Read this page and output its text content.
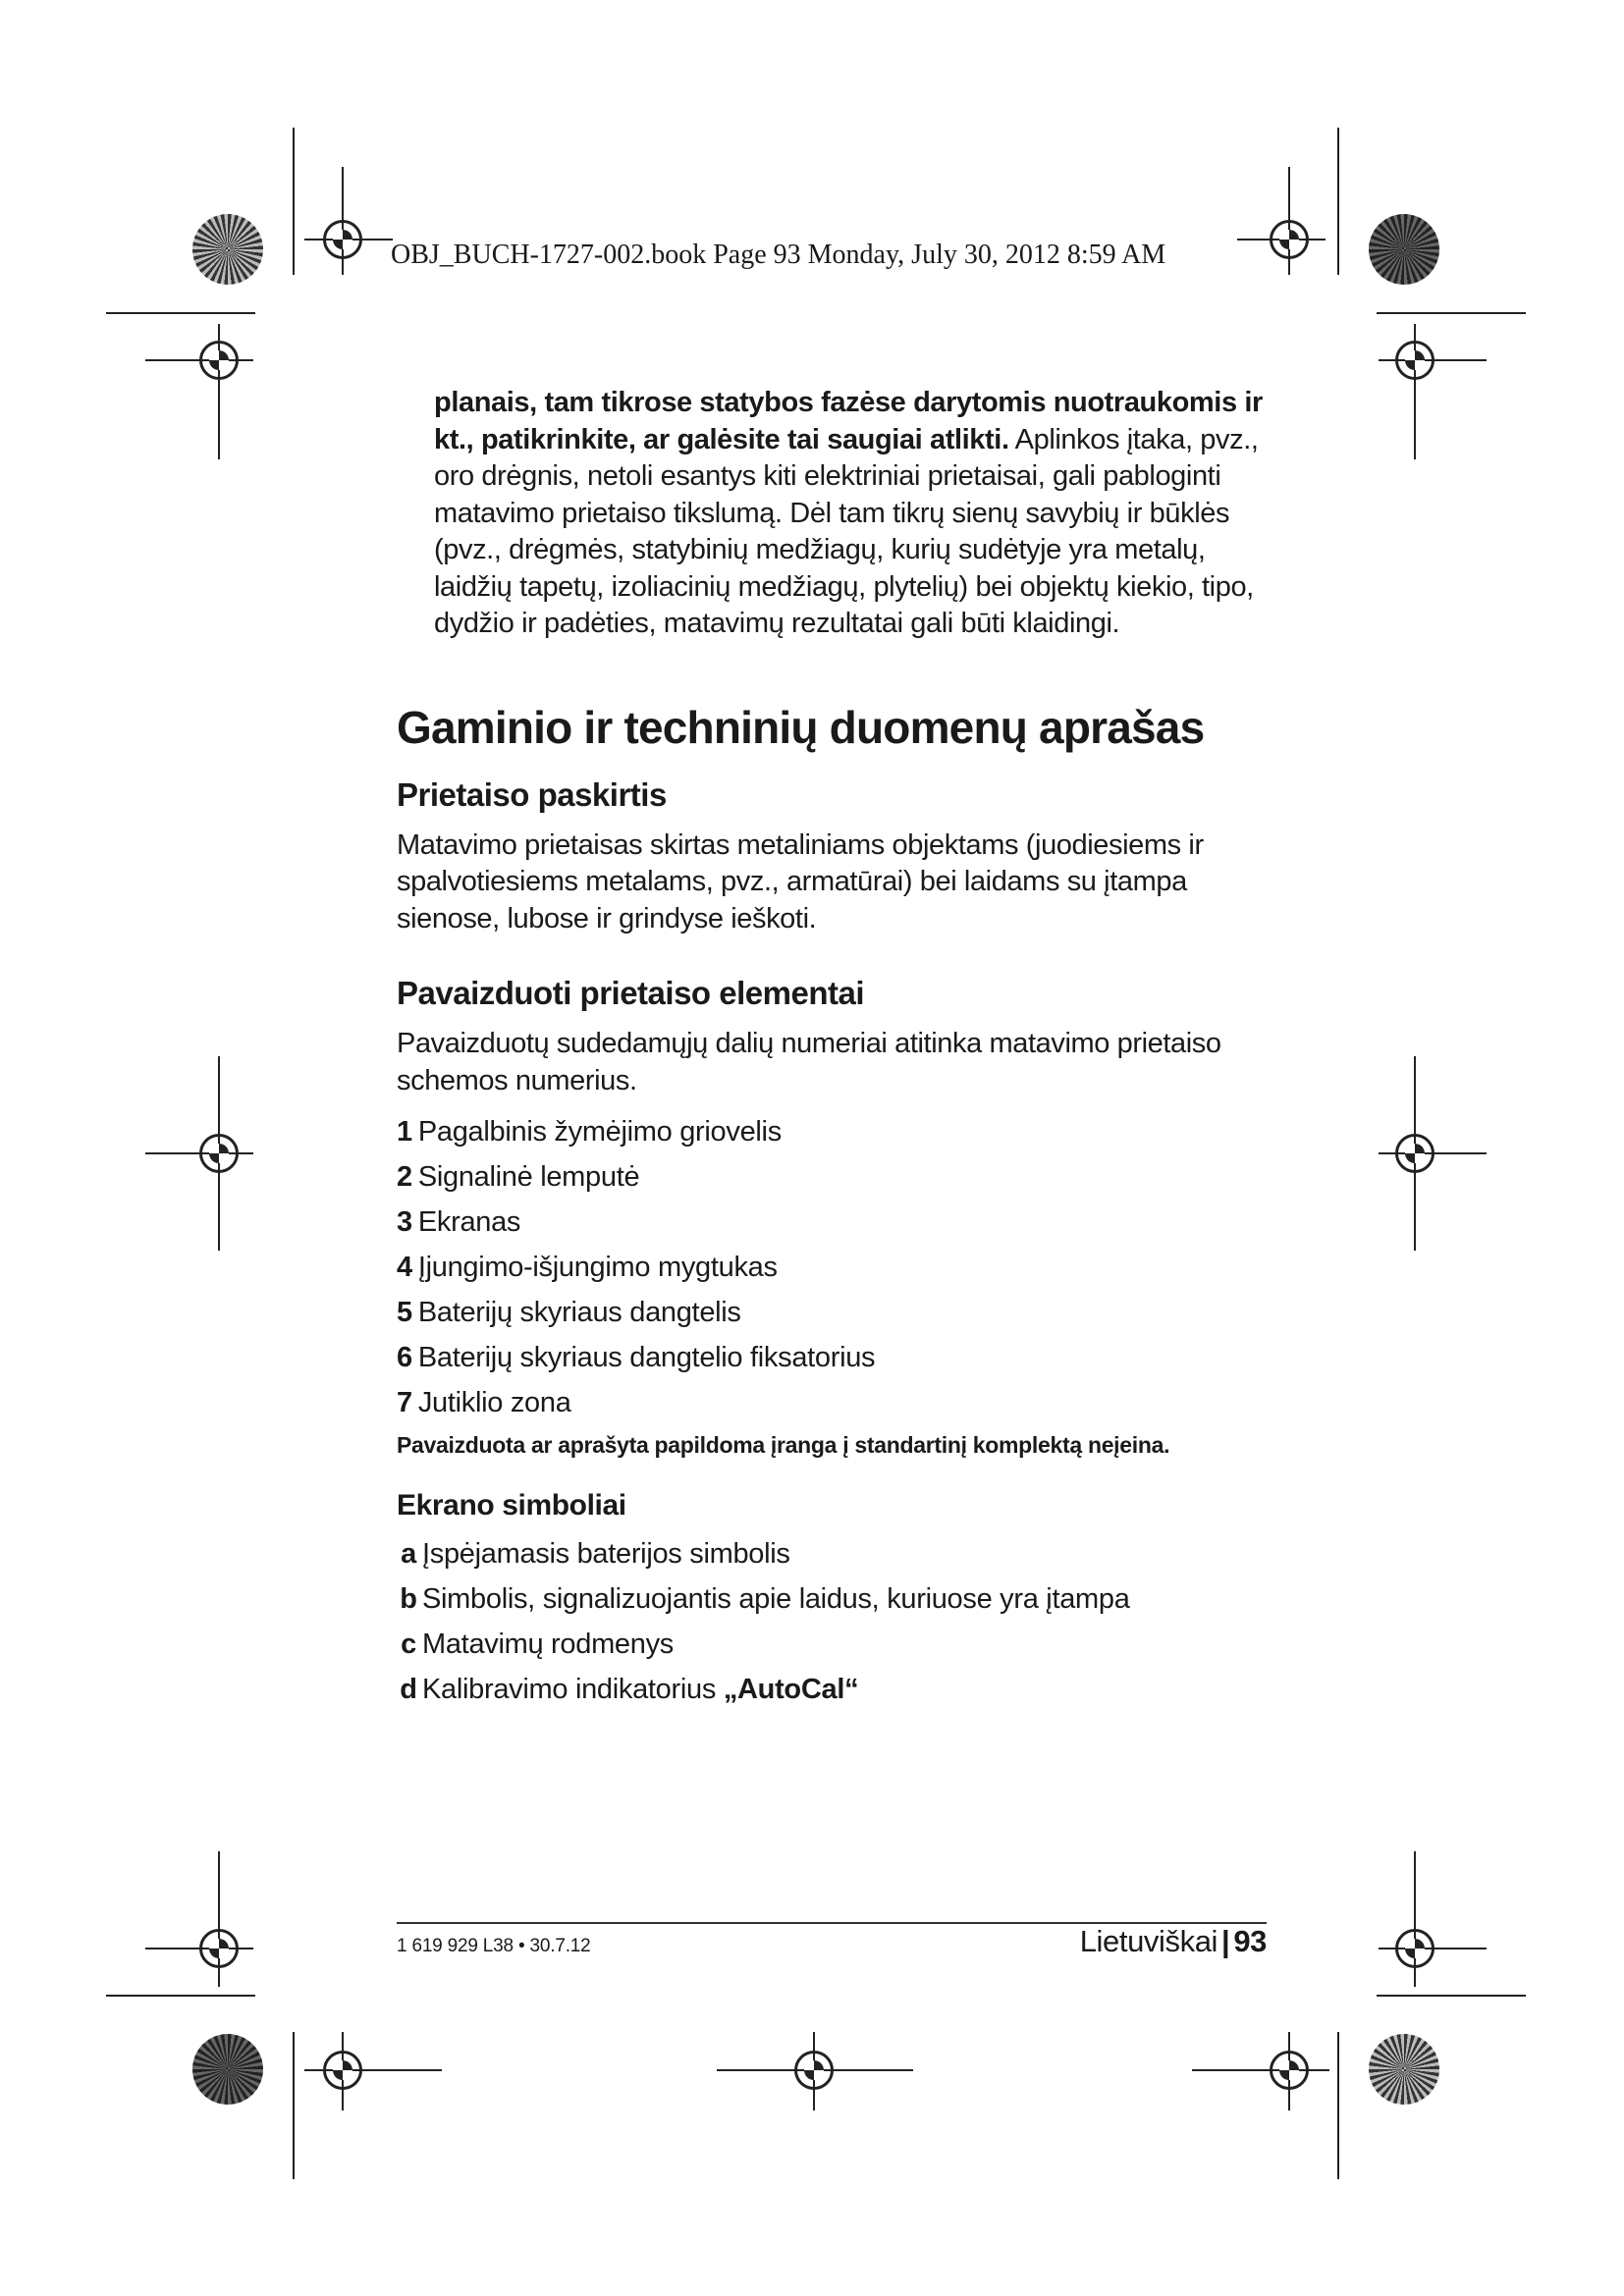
OBJ_BUCH-1727-002.book Page 93 Monday, July 30, 2012 8:59 AM

planais, tam tikrose statybos fazėse darytomis nuotraukomis ir kt., patikrinkite, ar galėsite tai saugiai atlikti. Aplinkos įtaka, pvz., oro drėgnis, netoli esantys kiti elektriniai prietaisai, gali pabloginti matavimo prietaiso tikslumą. Dėl tam tikrų sienų savybių ir būklės (pvz., drėgmės, statybinių medžiagų, kurių sudėtyje yra metalų, laidžių tapetų, izoliacinių medžiagų, plytelių) bei objektų kiekio, tipo, dydžio ir padėties, matavimų rezultatai gali būti klaidingi.

Gaminio ir techninių duomenų aprašas
Prietaiso paskirtis

Matavimo prietaisas skirtas metaliniams objektams (juodiesiems ir spalvotiesiems metalams, pvz., armatūrai) bei laidams su įtampa sienose, lubose ir grindyse ieškoti.

Pavaizduoti prietaiso elementai

Pavaizduotų sudedamųjų dalių numeriai atitinka matavimo prietaiso schemos numerius.

1 Pagalbinis žymėjimo griovelis
2 Signalinė lemputė
3 Ekranas
4 Įjungimo-išjungimo mygtukas
5 Baterijų skyriaus dangtelis
6 Baterijų skyriaus dangtelio fiksatorius
7 Jutiklio zona

Pavaizduota ar aprašyta papildoma įranga į standartinį komplektą neįeina.

Ekrano simboliai
a Įspėjamasis baterijos simbolis
b Simbolis, signalizuojantis apie laidus, kuriuose yra įtampa
c Matavimų rodmenys
d Kalibravimo indikatorius „AutoCal“
1 619 929 L38 • 30.7.12	Lietuviškai | 93
